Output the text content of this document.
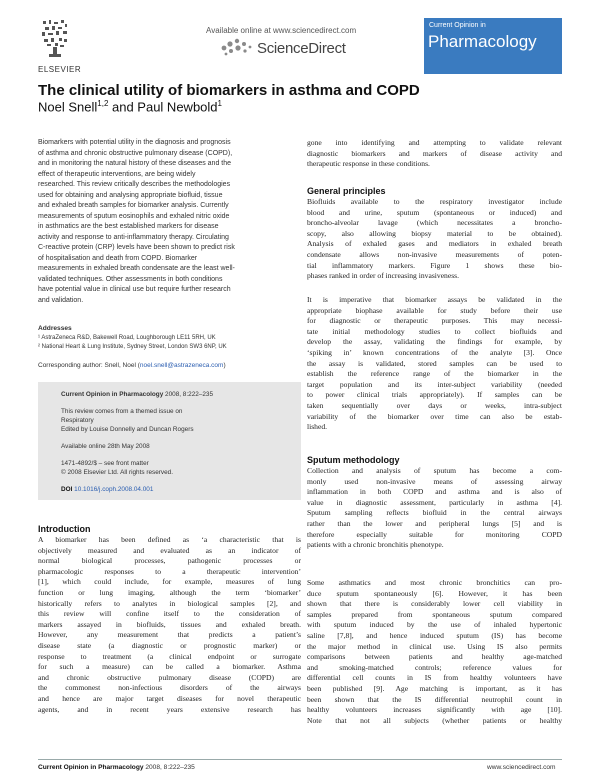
ELSEVIER
Available online at www.sciencedirect.com
ScienceDirect
Current Opinion in
Pharmacology
The clinical utility of biomarkers in asthma and COPD
Noel Snell$^{1,2}$ and Paul Newbold$^1$
Biomarkers with potential utility in the diagnosis and prognosis
of asthma and chronic obstructive pulmonary disease (COPD),
and in monitoring the natural history of these diseases and the
effect of therapeutic interventions, are being widely
researched. This review critically describes the methodologies
used for obtaining and analysing appropriate biofluid, tissue
and exhaled breath samples for biomarker analysis. Currently
measurements of sputum eosinophils and exhaled nitric oxide
in asthmatics are the best established markers for disease
activity and response to anti-inflammatory therapy. Circulating
C-reactive protein (CRP) levels have been shown to predict risk
of hospitalisation and death from COPD. Biomarker
measurements in exhaled breath condensate are the least well-
validated techniques. Other assessments in both conditions
have potential value in clinical use but require further research
and validation.
Addresses
¹ AstraZeneca R&D, Bakewell Road, Loughborough LE11 5RH, UK
² National Heart & Lung Institute, Sydney Street, London SW3 6NP, UK
Corresponding author: Snell, Noel (noel.snell@astrazeneca.com)
Current Opinion in Pharmacology 2008, 8:222–235
This review comes from a themed issue on
Respiratory
Edited by Louise Donnelly and Duncan Rogers
Available online 28th May 2008
1471-4892/$ – see front matter
© 2008 Elsevier Ltd. All rights reserved.
DOI 10.1016/j.coph.2008.04.001
Introduction
A biomarker has been defined as ‘a characteristic that is
objectively measured and evaluated as an indicator of
normal biological processes, pathogenic processes or
pharmacologic responses to a therapeutic intervention’
[1], which could include, for example, measures of lung
function or lung imaging, although the term ‘biomarker’
historically refers to analytes in biological samples [2], and
this review will confine itself to the consideration of
markers assayed in biofluids, tissues and exhaled breath.
However, any measurement that predicts a patient’s
disease state (a diagnostic or prognostic marker) or
response to treatment (a clinical endpoint or surrogate
for such a measure) can be called a biomarker. Asthma
and chronic obstructive pulmonary disease (COPD) are
the commonest non-infectious disorders of the airways
and hence are major target diseases for novel therapeutic
agents, and in recent years extensive research has
gone into identifying and attempting to validate relevant
diagnostic biomarkers and markers of disease activity and
therapeutic response in these conditions.
General principles
Biofluids available to the respiratory investigator include
blood and urine, sputum (spontaneous or induced) and
broncho-alveolar lavage (which necessitates a broncho-
scopy, also allowing biopsy material to be obtained).
Analysis of exhaled gases and mediators in exhaled breath
condensate allows non-invasive measurements of poten-
tial inflammatory markers. Figure 1 shows these bio-
phases ranked in order of increasing invasiveness.
It is imperative that biomarker assays be validated in the
appropriate biophase available for study before their use
for diagnostic or therapeutic purposes. This may necessi-
tate initial methodology studies to collect biofluids and
develop the assay, validating the findings for example, by
‘spiking in’ known concentrations of the analyte [3]. Once
the assay is validated, stored samples can be used to
establish the reference range of the biomarker in the
target population and its inter-subject variability (needed
to power clinical trials appropriately). If samples can be
taken sequentially over days or weeks, intra-subject
variability of the biomarker over time can also be estab-
lished.
Sputum methodology
Collection and analysis of sputum has become a com-
monly used non-invasive means of assessing airway
inflammation in both COPD and asthma and is also of
value in diagnostic assessment, particularly in asthma [4].
Sputum sampling reflects biofluid in the central airways
rather than the lower and peripheral lungs [5] and is
therefore especially suitable for monitoring COPD
patients with a chronic bronchitis phenotype.
Some asthmatics and most chronic bronchitics can pro-
duce sputum spontaneously [6]. However, it has been
shown that there is considerably lower cell viability in
samples prepared from spontaneous sputum compared
with sputum induced by the use of inhaled hypertonic
saline [7,8], and hence induced sputum (IS) has become
the major method in clinical use. Using IS also permits
comparisons between patients and healthy age-matched
and smoking-matched controls; reference values for
differential cell counts in IS from healthy volunteers have
been published [9]. Age matching is important, as it has
been shown that the IS differential neutrophil count in
healthy volunteers increases significantly with age [10].
Note that not all subjects (whether patients or healthy
Current Opinion in Pharmacology 2008, 8:222–235	www.sciencedirect.com
